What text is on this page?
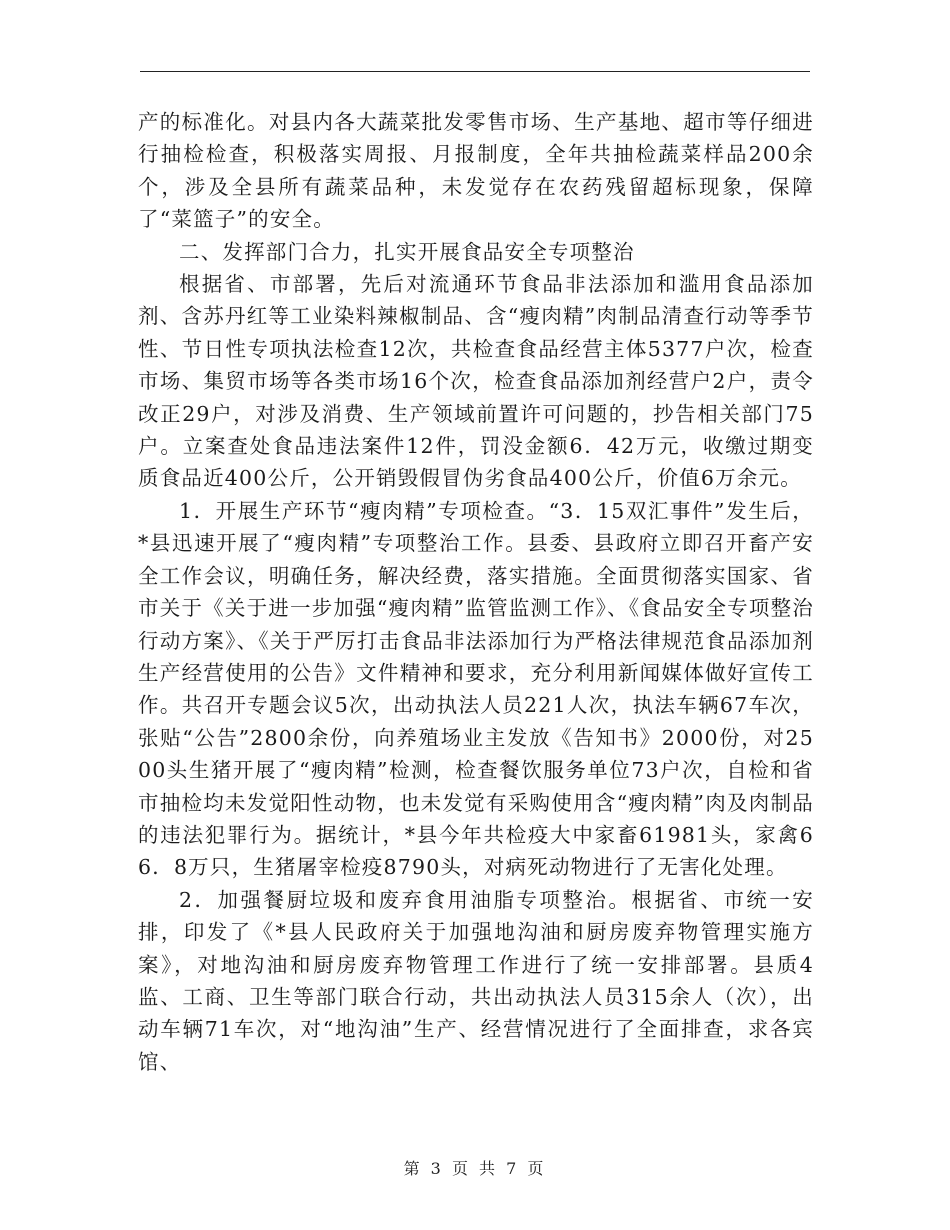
产的标准化。对县内各大蔬菜批发零售市场、生产基地、超市等仔细进行抽检检查，积极落实周报、月报制度，全年共抽检蔬菜样品200余个，涉及全县所有蔬菜品种，未发觉存在农药残留超标现象，保障了“菜篮子”的安全。

二、发挥部门合力，扎实开展食品安全专项整治

根据省、市部署，先后对流通环节食品非法添加和滥用食品添加剂、含苏丹红等工业染料辣椒制品、含“瘦肉精”肉制品清查行动等季节性、节日性专项执法检查12次，共检查食品经营主体5377户次，检查市场、集贸市场等各类市场16个次，检查食品添加剂经营户2户，责令改正29户，对涉及消费、生产领域前置许可问题的，抄告相关部门75户。立案查处食品违法案件12件，罚没金额6．42万元，收缴过期变质食品近400公斤，公开销毁假冒伪劣食品400公斤，价值6万余元。

1．开展生产环节“瘦肉精”专项检查。“3．15双汇事件”发生后，*县迅速开展了“瘦肉精”专项整治工作。县委、县政府立即召开畜产安全工作会议，明确任务，解决经费，落实措施。全面贯彻落实国家、省市关于《关于进一步加强“瘦肉精”监管监测工作》、《食品安全专项整治行动方案》、《关于严厉打击食品非法添加行为严格法律规范食品添加剂生产经营使用的公告》文件精神和要求，充分利用新闻媒体做好宣传工作。共召开专题会议5次，出动执法人员221人次，执法车辆67车次，张贴“公告”2800余份，向养殖场业主发放《告知书》2000份，对2500头生猪开展了“瘦肉精”检测，检查餐饮服务单位73户次，自检和省市抽检均未发觉阳性动物，也未发觉有采购使用含“瘦肉精”肉及肉制品的违法犯罪行为。据统计，*县今年共检疫大中家畜61981头，家禽66．8万只，生猪屠宰检疫8790头，对病死动物进行了无害化处理。

2．加强餐厨垃圾和废弃食用油脂专项整治。根据省、市统一安排，印发了《*县人民政府关于加强地沟油和厨房废弃物管理实施方案》，对地沟油和厨房废弃物管理工作进行了统一安排部署。县质4监、工商、卫生等部门联合行动，共出动执法人员315余人（次），出动车辆71车次，对“地沟油”生产、经营情况进行了全面排查，求各宾馆、

第 3 页 共 7 页
